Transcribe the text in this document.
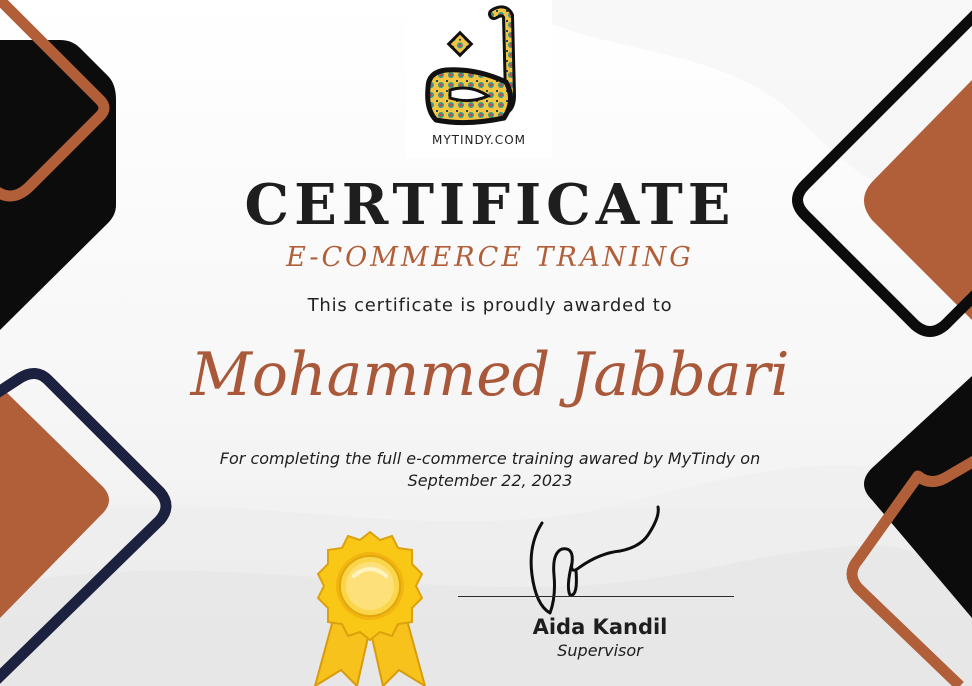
MYTINDY.COM
CERTIFICATE
E-COMMERCE TRANING
This certificate is proudly awarded to
Mohammed Jabbari
For completing the full e-commerce training awared by MyTindy on
September 22, 2023
Aida Kandil
Supervisor
